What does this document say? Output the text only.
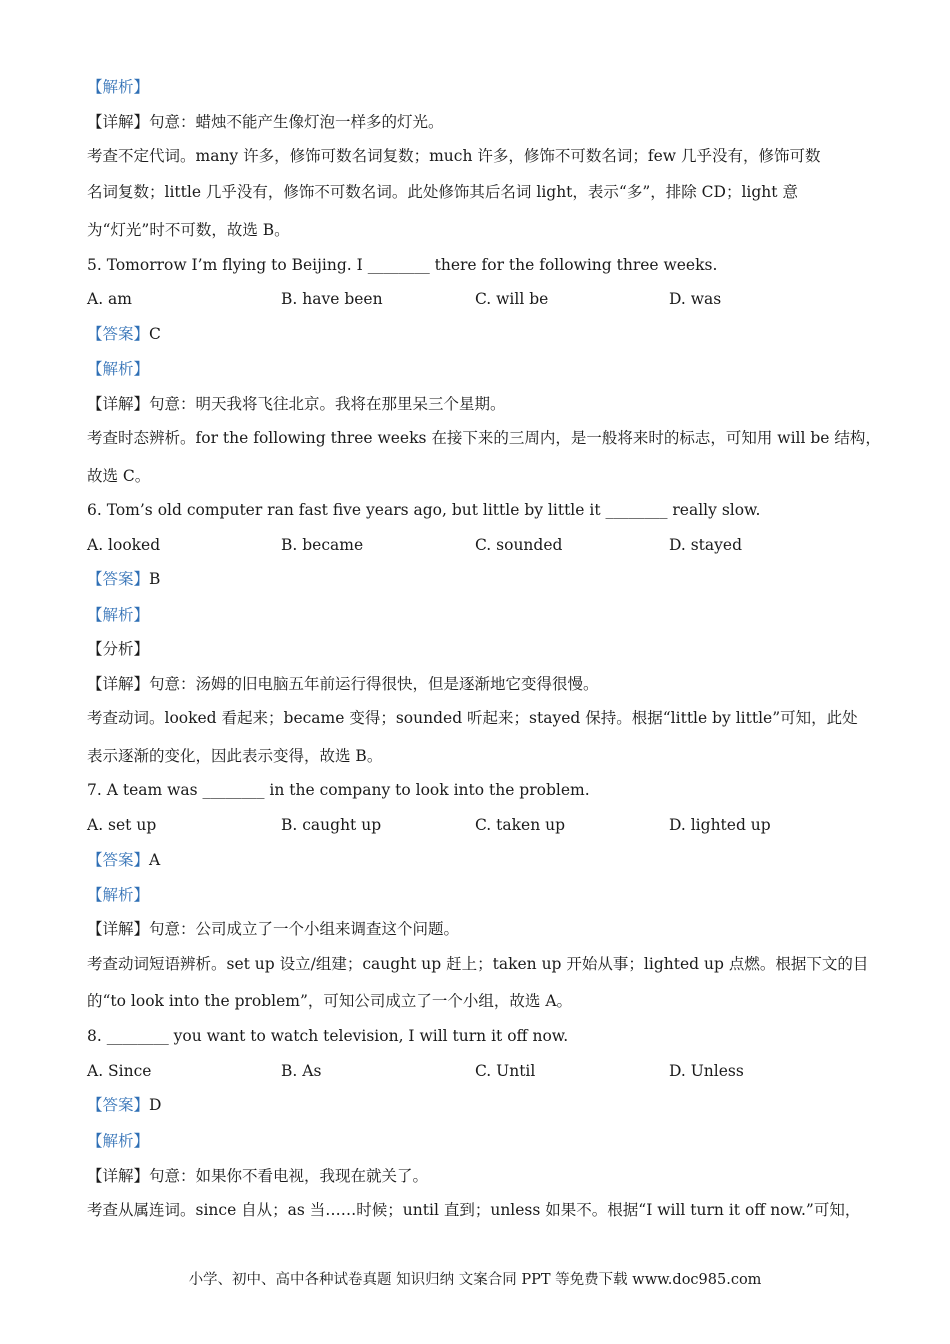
【解析】

【详解】句意：蜡烛不能产生像灯泡一样多的灯光。

考查不定代词。many 许多，修饰可数名词复数；much 许多，修饰不可数名词；few 几乎没有，修饰可数

名词复数；little 几乎没有，修饰不可数名词。此处修饰其后名词 light，表示“多”，排除 CD；light 意

为“灯光”时不可数，故选 B。

5. Tomorrow I’m flying to Beijing. I ________ there for the following three weeks.

A. am	B. have been	C. will be	D. was

【答案】C

【解析】

【详解】句意：明天我将飞往北京。我将在那里呆三个星期。

考查时态辨析。for the following three weeks 在接下来的三周内，是一般将来时的标志，可知用 will be 结构，

故选 C。

6. Tom’s old computer ran fast five years ago, but little by little it ________ really slow.

A. looked	B. became	C. sounded	D. stayed

【答案】B

【解析】

【分析】

【详解】句意：汤姆的旧电脑五年前运行得很快，但是逐渐地它变得很慢。

考查动词。looked 看起来；became 变得；sounded 听起来；stayed 保持。根据“little by little”可知，此处

表示逐渐的变化，因此表示变得，故选 B。

7. A team was ________ in the company to look into the problem.

A. set up	B. caught up	C. taken up	D. lighted up

【答案】A

【解析】

【详解】句意：公司成立了一个小组来调查这个问题。

考查动词短语辨析。set up 设立/组建；caught up 赶上；taken up 开始从事；lighted up 点燃。根据下文的目

的“to look into the problem”，可知公司成立了一个小组，故选 A。

8. ________ you want to watch television, I will turn it off now.

A. Since	B. As	C. Until	D. Unless

【答案】D

【解析】

【详解】句意：如果你不看电视，我现在就关了。

考查从属连词。since 自从；as 当……时候；until 直到；unless 如果不。根据“I will turn it off now.”可知，

小学、初中、高中各种试卷真题 知识归纳 文案合同 PPT 等免费下载 www.doc985.com
